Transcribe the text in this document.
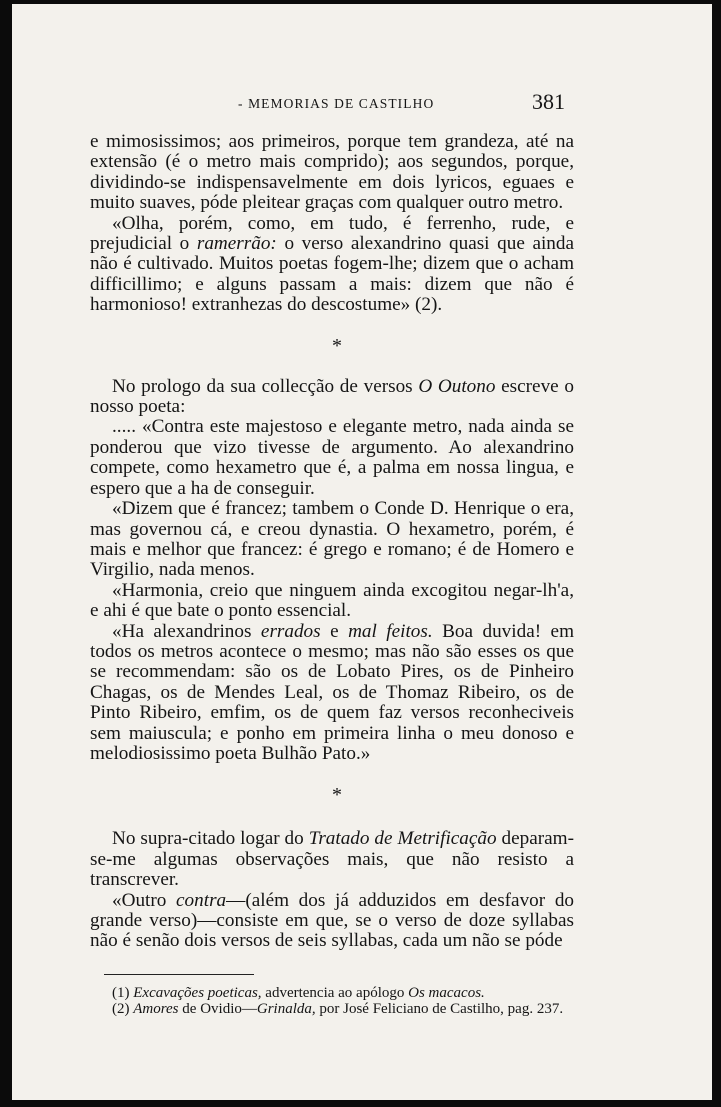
- MEMORIAS DE CASTILHO	381

e mimosissimos; aos primeiros, porque tem grandeza, até na extensão (é o metro mais comprido); aos segundos, porque, dividindo-se indispensavelmente em dois lyricos, eguaes e muito suaves, póde pleitear graças com qualquer outro metro.

«Olha, porém, como, em tudo, é ferrenho, rude, e prejudicial o ramerrão: o verso alexandrino quasi que ainda não é cultivado. Muitos poetas fogem-lhe; dizem que o acham difficillimo; e alguns passam a mais: dizem que não é harmonioso! extranhezas do descostume» (2).

*

No prologo da sua collecção de versos O Outono escreve o nosso poeta:

..... «Contra este majestoso e elegante metro, nada ainda se ponderou que vizo tivesse de argumento. Ao alexandrino compete, como hexametro que é, a palma em nossa lingua, e espero que a ha de conseguir.

«Dizem que é francez; tambem o Conde D. Henrique o era, mas governou cá, e creou dynastia. O hexametro, porém, é mais e melhor que francez: é grego e romano; é de Homero e Virgilio, nada menos.

«Harmonia, creio que ninguem ainda excogitou negar-lh'a, e ahi é que bate o ponto essencial.

«Ha alexandrinos errados e mal feitos. Boa duvida! em todos os metros acontece o mesmo; mas não são esses os que se recommendam: são os de Lobato Pires, os de Pinheiro Chagas, os de Mendes Leal, os de Thomaz Ribeiro, os de Pinto Ribeiro, emfim, os de quem faz versos reconheciveis sem maiuscula; e ponho em primeira linha o meu donoso e melodiosissimo poeta Bulhão Pato.»

*

No supra-citado logar do Tratado de Metrificação deparam-se-me algumas observações mais, que não resisto a transcrever.

«Outro contra—(além dos já adduzidos em desfavor do grande verso)—consiste em que, se o verso de doze syllabas não é senão dois versos de seis syllabas, cada um não se póde

(1) Excavações poeticas, advertencia ao apólogo Os macacos.

(2) Amores de Ovidio—Grinalda, por José Feliciano de Castilho, pag. 237.
